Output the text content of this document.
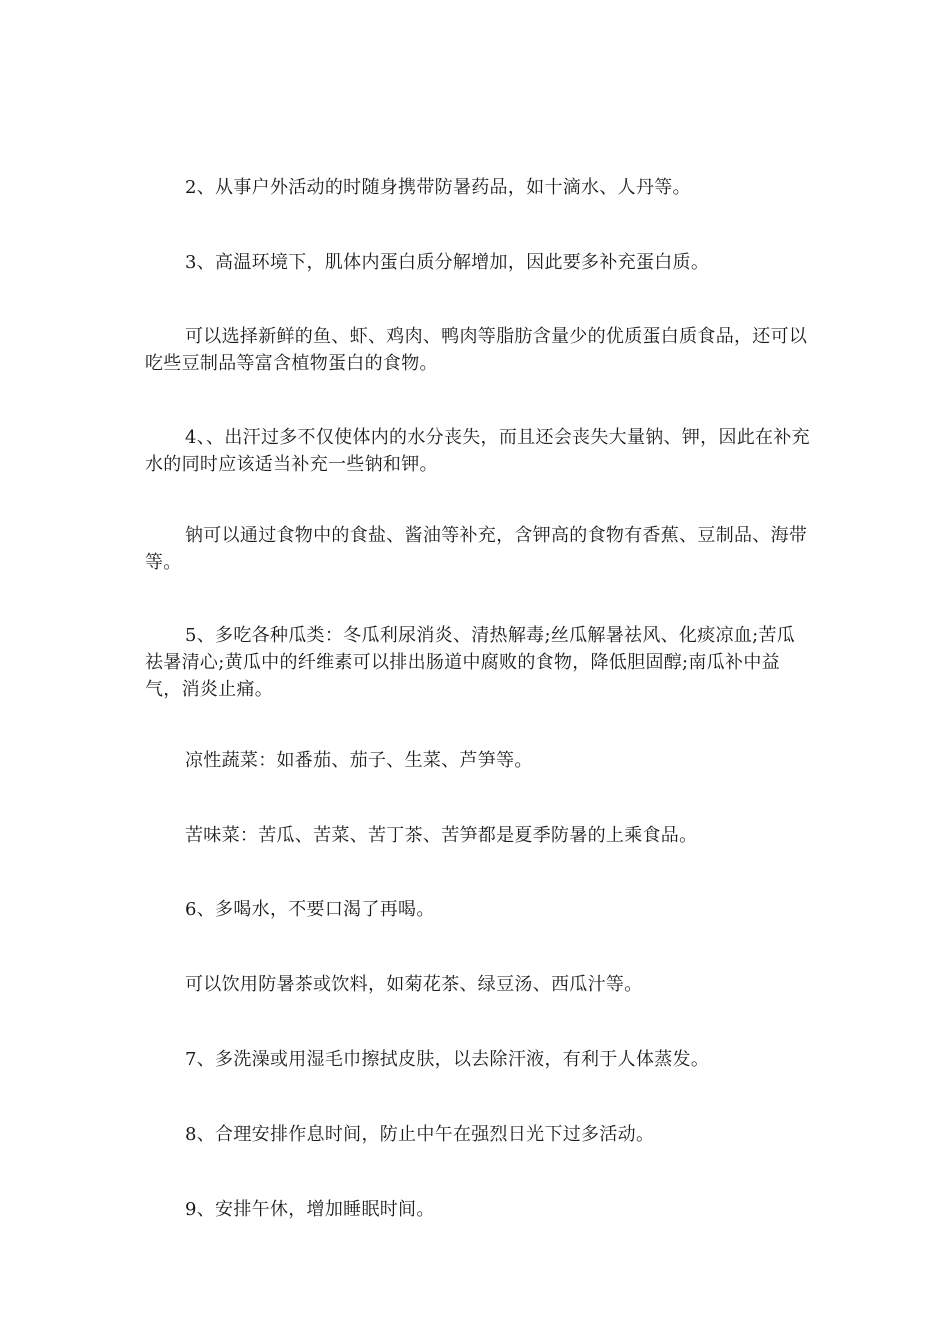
2、从事户外活动的时随身携带防暑药品，如十滴水、人丹等。

3、高温环境下，肌体内蛋白质分解增加，因此要多补充蛋白质。

可以选择新鲜的鱼、虾、鸡肉、鸭肉等脂肪含量少的优质蛋白质食品，还可以吃些豆制品等富含植物蛋白的食物。

4、、出汗过多不仅使体内的水分丧失，而且还会丧失大量钠、钾，因此在补充水的同时应该适当补充一些钠和钾。

钠可以通过食物中的食盐、酱油等补充，含钾高的食物有香蕉、豆制品、海带等。

5、多吃各种瓜类：冬瓜利尿消炎、清热解毒;丝瓜解暑祛风、化痰凉血;苦瓜祛暑清心;黄瓜中的纤维素可以排出肠道中腐败的食物，降低胆固醇;南瓜补中益气，消炎止痛。

凉性蔬菜：如番茄、茄子、生菜、芦笋等。

苦味菜：苦瓜、苦菜、苦丁茶、苦笋都是夏季防暑的上乘食品。

6、多喝水，不要口渴了再喝。

可以饮用防暑茶或饮料，如菊花茶、绿豆汤、西瓜汁等。

7、多洗澡或用湿毛巾擦拭皮肤，以去除汗液，有利于人体蒸发。

8、合理安排作息时间，防止中午在强烈日光下过多活动。

9、安排午休，增加睡眠时间。
